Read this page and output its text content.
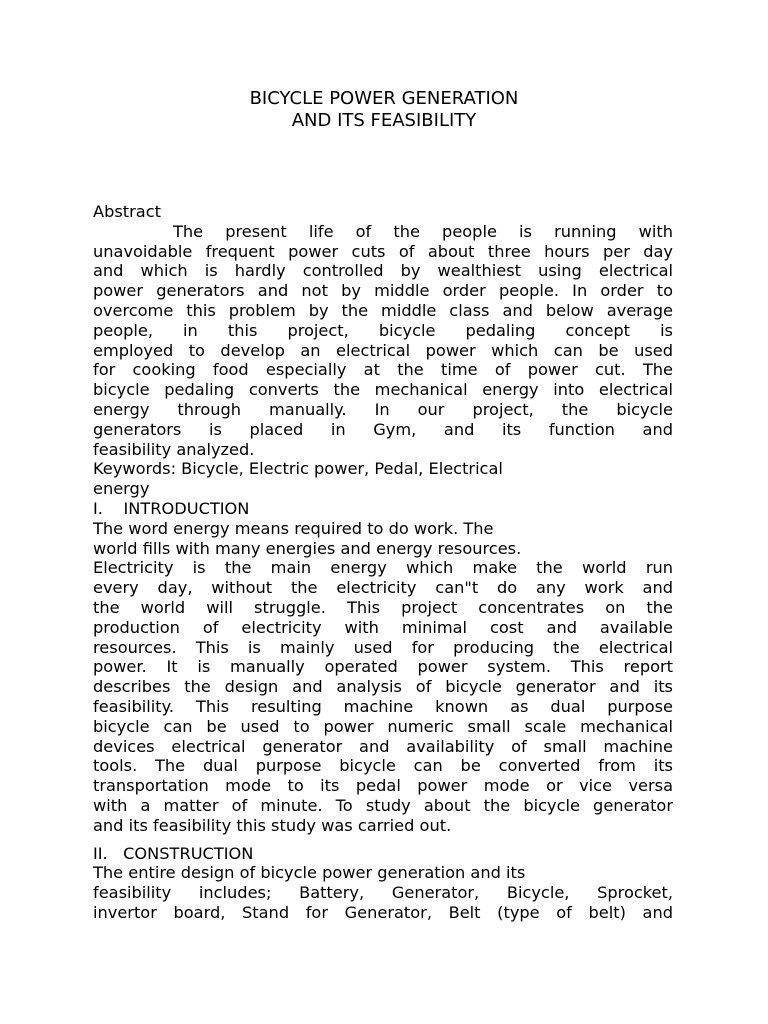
BICYCLE POWER GENERATION
AND ITS FEASIBILITY
Abstract
The present life of the people is running with
unavoidable frequent power cuts of about three hours per day
and which is hardly controlled by wealthiest using electrical
power generators and not by middle order people. In order to
overcome this problem by the middle class and below average
people, in this project, bicycle pedaling concept is
employed to develop an electrical power which can be used
for cooking food especially at the time of power cut. The
bicycle pedaling converts the mechanical energy into electrical
energy through manually. In our project, the bicycle
generators is placed in Gym, and its function and
feasibility analyzed.
Keywords: Bicycle, Electric power, Pedal, Electrical
energy
I.    INTRODUCTION
The word energy means required to do work. The
world fills with many energies and energy resources.
Electricity is the main energy which make the world run
every day, without the electricity can"t do any work and
the world will struggle. This project concentrates on the
production of electricity with minimal cost and available
resources. This is mainly used for producing the electrical
power. It is manually operated power system. This report
describes the design and analysis of bicycle generator and its
feasibility. This resulting machine known as dual purpose
bicycle can be used to power numeric small scale mechanical
devices electrical generator and availability of small machine
tools. The dual purpose bicycle can be converted from its
transportation mode to its pedal power mode or vice versa
with a matter of minute. To study about the bicycle generator
and its feasibility this study was carried out.
II.   CONSTRUCTION
The entire design of bicycle power generation and its
feasibility includes; Battery, Generator, Bicycle, Sprocket,
invertor board, Stand for Generator, Belt (type of belt) and
